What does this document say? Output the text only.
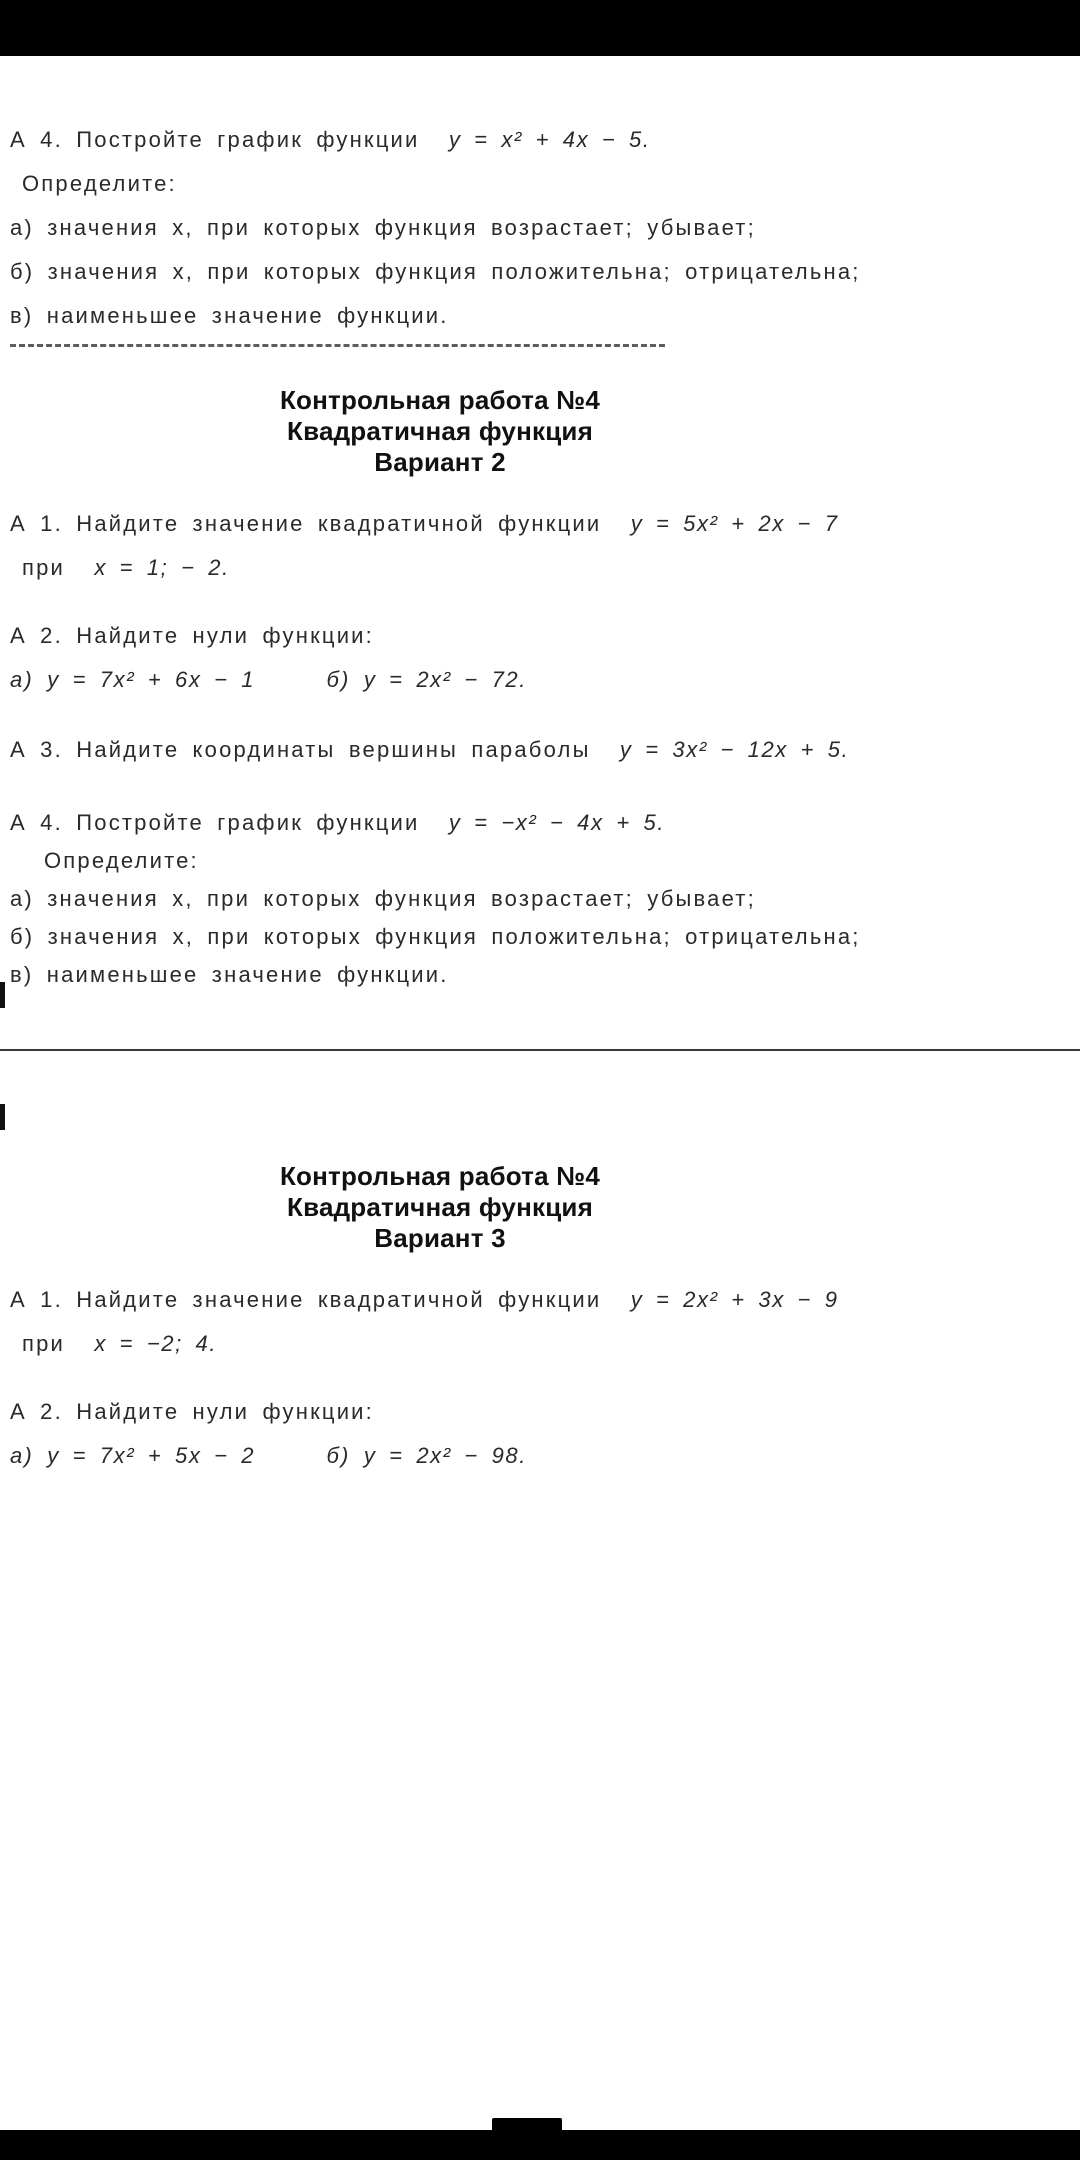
А 4. Постройте график функции y = x² + 4x − 5.

Определите:

а) значения x, при которых функция возрастает; убывает;

б) значения x, при которых функция положительна; отрицательна;

в) наименьшее значение функции.

Контрольная работа №4
Квадратичная функция
Вариант 2

А 1. Найдите значение квадратичной функции y = 5x² + 2x − 7

при x = 1; − 2.

А 2. Найдите нули функции:

а) y = 7x² + 6x − 1	б) y = 2x² − 72.

А 3. Найдите координаты вершины параболы y = 3x² − 12x + 5.

А 4. Постройте график функции y = −x² − 4x + 5.

Определите:

а) значения x, при которых функция возрастает; убывает;

б) значения x, при которых функция положительна; отрицательна;

в) наименьшее значение функции.

Контрольная работа №4
Квадратичная функция
Вариант 3

А 1. Найдите значение квадратичной функции y = 2x² + 3x − 9

при x = −2; 4.

А 2. Найдите нули функции:

а) y = 7x² + 5x − 2	б) y = 2x² − 98.
